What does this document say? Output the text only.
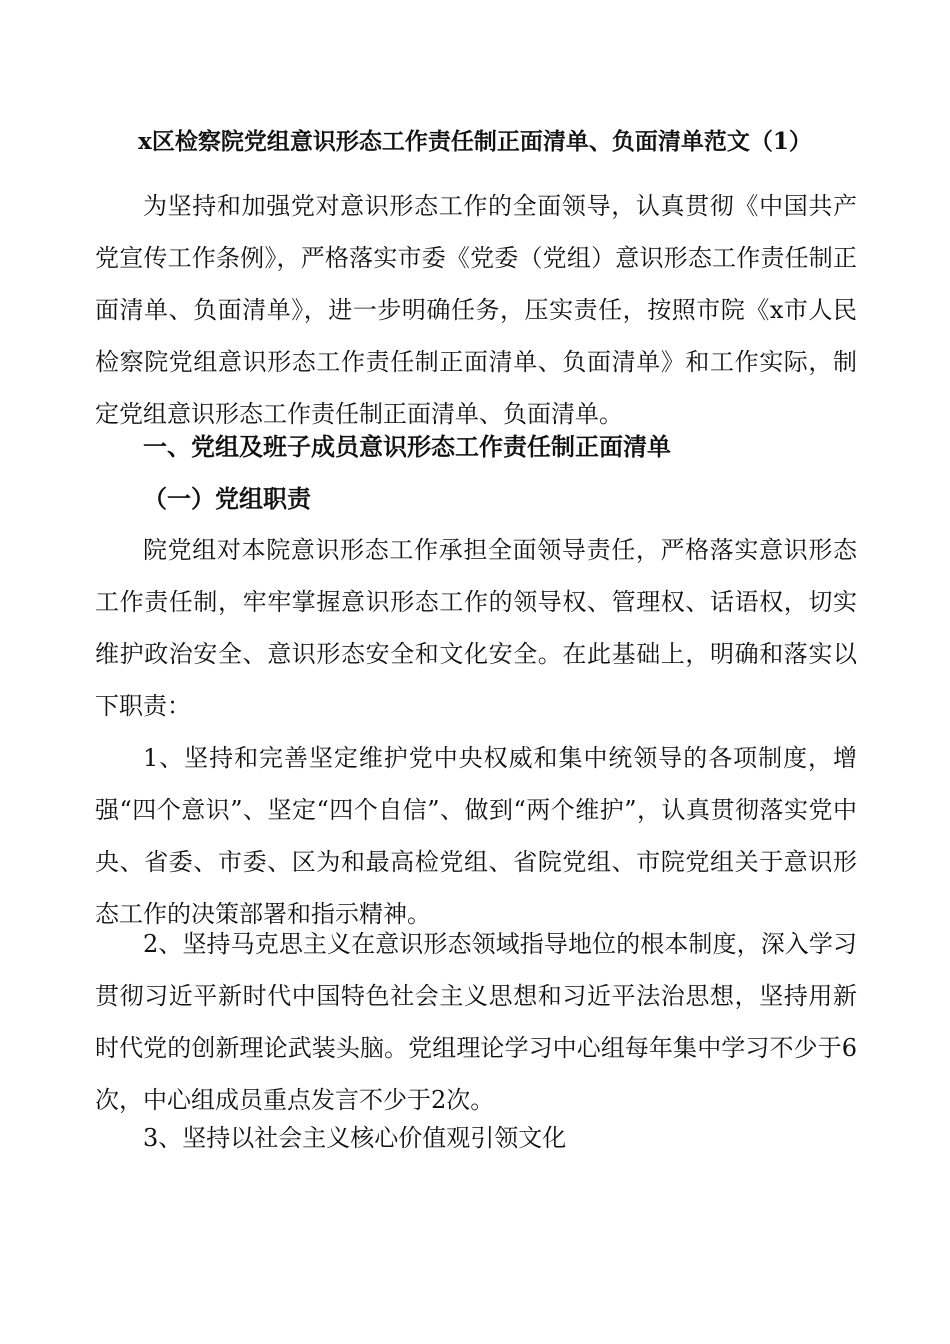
x区检察院党组意识形态工作责任制正面清单、负面清单范文（1）

为坚持和加强党对意识形态工作的全面领导，认真贯彻《中国共产党宣传工作条例》，严格落实市委《党委（党组）意识形态工作责任制正面清单、负面清单》，进一步明确任务，压实责任，按照市院《x市人民检察院党组意识形态工作责任制正面清单、负面清单》和工作实际，制定党组意识形态工作责任制正面清单、负面清单。

一、党组及班子成员意识形态工作责任制正面清单
（一）党组职责

院党组对本院意识形态工作承担全面领导责任，严格落实意识形态工作责任制，牢牢掌握意识形态工作的领导权、管理权、话语权，切实维护政治安全、意识形态安全和文化安全。在此基础上，明确和落实以下职责：

1、坚持和完善坚定维护党中央权威和集中统领导的各项制度，增强“四个意识”、坚定“四个自信”、做到“两个维护”，认真贯彻落实党中央、省委、市委、区为和最高检党组、省院党组、市院党组关于意识形态工作的决策部署和指示精神。

2、坚持马克思主义在意识形态领域指导地位的根本制度，深入学习贯彻习近平新时代中国特色社会主义思想和习近平法治思想，坚持用新时代党的创新理论武装头脑。党组理论学习中心组每年集中学习不少于6次，中心组成员重点发言不少于2次。

3、坚持以社会主义核心价值观引领文化
